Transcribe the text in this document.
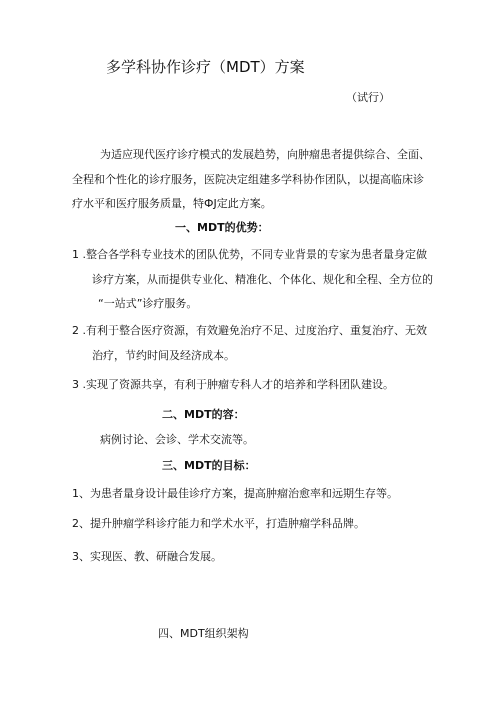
多学科协作诊疗（MDT）方案
（试行）
为适应现代医疗诊疗模式的发展趋势，向肿瘤患者提供综合、全面、
全程和个性化的诊疗服务，医院决定组建多学科协作团队，以提高临床诊
疗水平和医疗服务质量，特ФJ定此方案。
一、MDT的优势：
1 .整合各学科专业技术的团队优势，不同专业背景的专家为患者量身定做
诊疗方案，从而提供专业化、精准化、个体化、规化和全程、全方位的
“一站式”诊疗服务。
2 .有利于整合医疗资源，有效避免治疗不足、过度治疗、重复治疗、无效
治疗，节约时间及经济成本。
3 .实现了资源共享，有利于肿瘤专科人才的培养和学科团队建设。
二、MDT的容：
病例讨论、会诊、学术交流等。
三、MDT的目标：
1、为患者量身设计最佳诊疗方案，提高肿瘤治愈率和远期生存等。
2、提升肿瘤学科诊疗能力和学术水平，打造肿瘤学科品牌。
3、实现医、教、研融合发展。
四、MDT组织架构
